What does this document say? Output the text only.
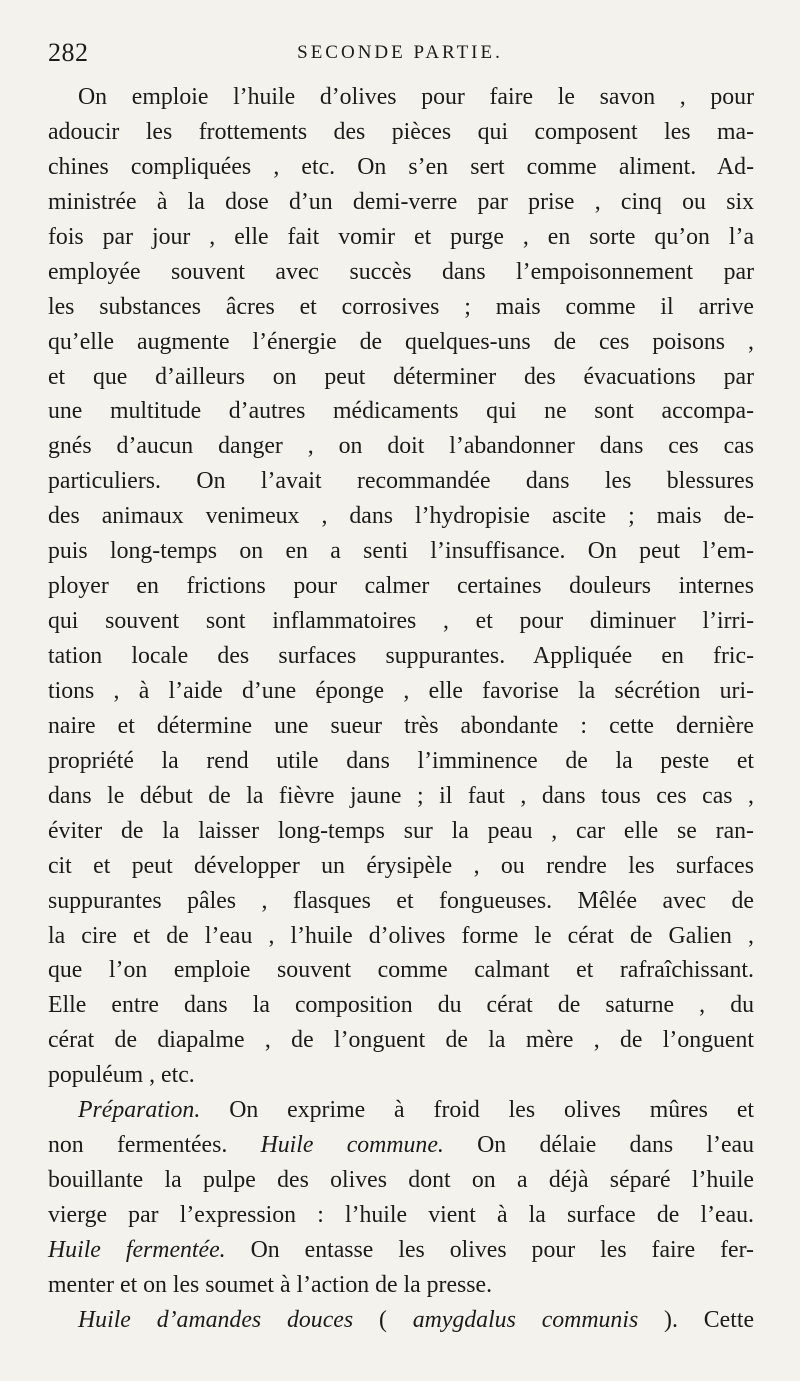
282	SECONDE PARTIE.
On emploie l’huile d’olives pour faire le savon , pour
adoucir les frottements des pièces qui composent les ma-
chines compliquées , etc. On s’en sert comme aliment. Ad-
ministrée à la dose d’un demi-verre par prise , cinq ou six
fois par jour , elle fait vomir et purge , en sorte qu’on l’a
employée souvent avec succès dans l’empoisonnement par
les substances âcres et corrosives ; mais comme il arrive
qu’elle augmente l’énergie de quelques-uns de ces poisons ,
et que d’ailleurs on peut déterminer des évacuations par
une multitude d’autres médicaments qui ne sont accompa-
gnés d’aucun danger , on doit l’abandonner dans ces cas
particuliers. On l’avait recommandée dans les blessures
des animaux venimeux , dans l’hydropisie ascite ; mais de-
puis long-temps on en a senti l’insuffisance. On peut l’em-
ployer en frictions pour calmer certaines douleurs internes
qui souvent sont inflammatoires , et pour diminuer l’irri-
tation locale des surfaces suppurantes. Appliquée en fric-
tions , à l’aide d’une éponge , elle favorise la sécrétion uri-
naire et détermine une sueur très abondante : cette dernière
propriété la rend utile dans l’imminence de la peste et
dans le début de la fièvre jaune ; il faut , dans tous ces cas ,
éviter de la laisser long-temps sur la peau , car elle se ran-
cit et peut développer un érysipèle , ou rendre les surfaces
suppurantes pâles , flasques et fongueuses. Mêlée avec de
la cire et de l’eau , l’huile d’olives forme le cérat de Galien ,
que l’on emploie souvent comme calmant et rafraîchissant.
Elle entre dans la composition du cérat de saturne , du
cérat de diapalme , de l’onguent de la mère , de l’onguent
populéum , etc.
Préparation. On exprime à froid les olives mûres et
non fermentées. Huile commune. On délaie dans l’eau
bouillante la pulpe des olives dont on a déjà séparé l’huile
vierge par l’expression : l’huile vient à la surface de l’eau.
Huile fermentée. On entasse les olives pour les faire fer-
menter et on les soumet à l’action de la presse.
Huile d’amandes douces ( amygdalus communis ). Cette
